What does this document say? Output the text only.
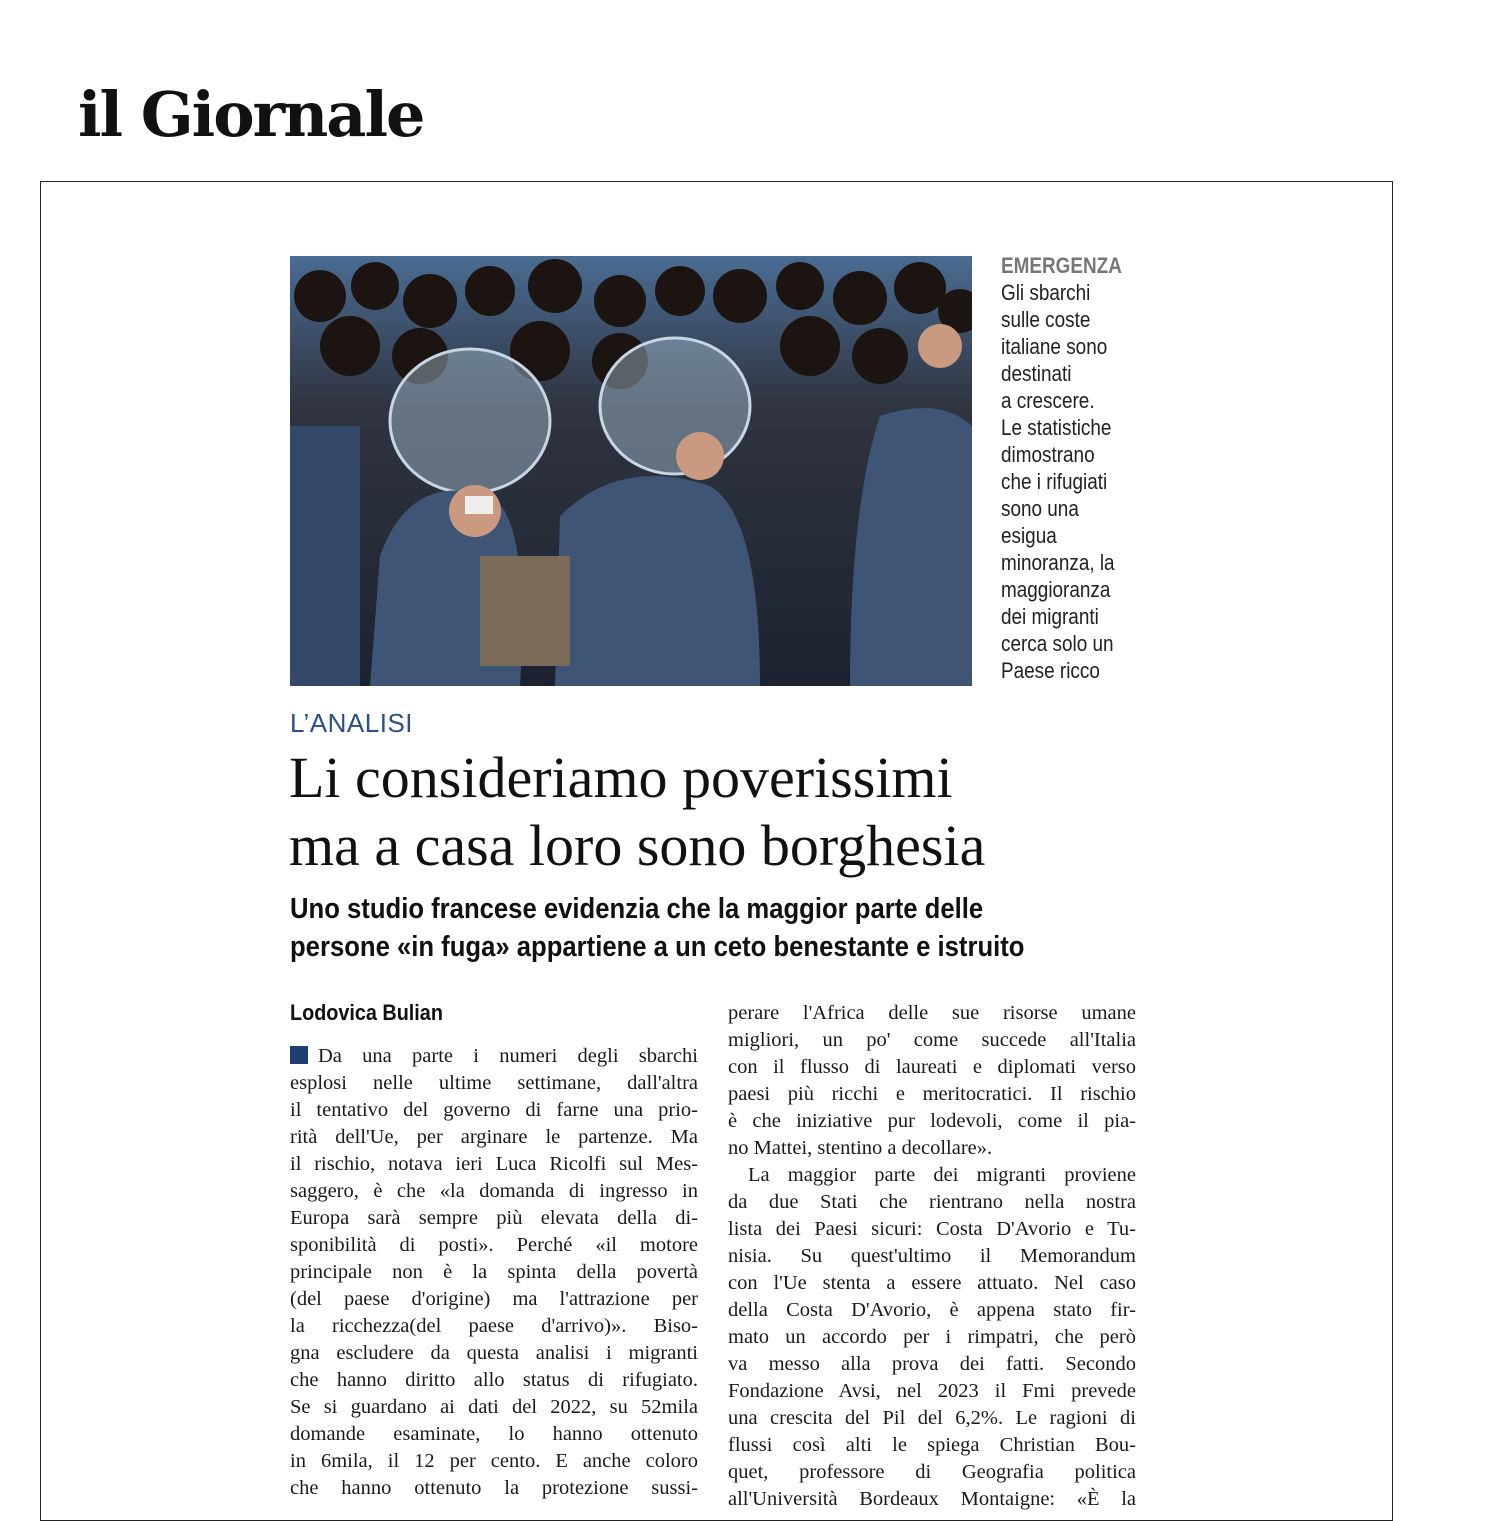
il Giornale
EMERGENZA
Gli sbarchi
sulle coste
italiane sono
destinati
a crescere.
Le statistiche
dimostrano
che i rifugiati
sono una
esigua
minoranza, la
maggioranza
dei migranti
cerca solo un
Paese ricco
L’ANALISI
Li consideriamo poverissimi
ma a casa loro sono borghesia
Uno studio francese evidenzia che la maggior parte delle
persone «in fuga» appartiene a un ceto benestante e istruito
Lodovica Bulian
Da una parte i numeri degli sbarchi
esplosi nelle ultime settimane, dall'altra
il tentativo del governo di farne una prio-
rità dell'Ue, per arginare le partenze. Ma
il rischio, notava ieri Luca Ricolfi sul Mes-
saggero, è che «la domanda di ingresso in
Europa sarà sempre più elevata della di-
sponibilità di posti». Perché «il motore
principale non è la spinta della povertà
(del paese d'origine) ma l'attrazione per
la ricchezza(del paese d'arrivo)». Biso-
gna escludere da questa analisi i migranti
che hanno diritto allo status di rifugiato.
Se si guardano ai dati del 2022, su 52mila
domande esaminate, lo hanno ottenuto
in 6mila, il 12 per cento. E anche coloro
che hanno ottenuto la protezione sussi-
perare l'Africa delle sue risorse umane
migliori, un po' come succede all'Italia
con il flusso di laureati e diplomati verso
paesi più ricchi e meritocratici. Il rischio
è che iniziative pur lodevoli, come il pia-
no Mattei, stentino a decollare».
La maggior parte dei migranti proviene
da due Stati che rientrano nella nostra
lista dei Paesi sicuri: Costa D'Avorio e Tu-
nisia. Su quest'ultimo il Memorandum
con l'Ue stenta a essere attuato. Nel caso
della Costa D'Avorio, è appena stato fir-
mato un accordo per i rimpatri, che però
va messo alla prova dei fatti. Secondo
Fondazione Avsi, nel 2023 il Fmi prevede
una crescita del Pil del 6,2%. Le ragioni di
flussi così alti le spiega Christian Bou-
quet, professore di Geografia politica
all'Università Bordeaux Montaigne: «È la
